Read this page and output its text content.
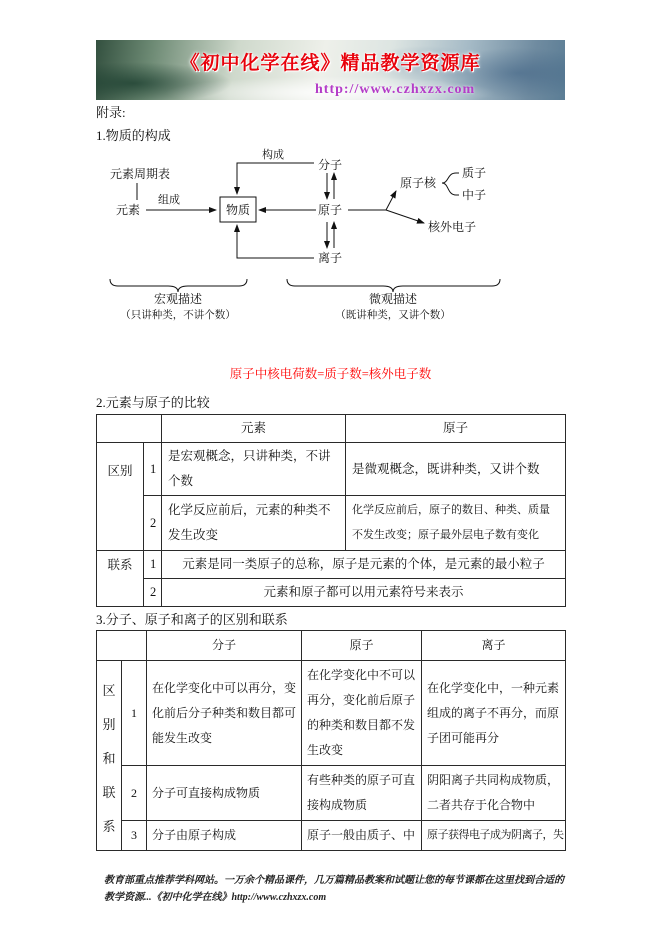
《初中化学在线》精品教学资源库
http://www.czhxzx.com
附录:
1.物质的构成
元素周期表
元素
组成
物质
构成
分子
原子
离子
原子核
质子
中子
核外电子
宏观描述
（只讲种类，不讲个数）
微观描述
（既讲种类，又讲个数）
原子中核电荷数=质子数=核外电子数
2.元素与原子的比较
		元素	原子
区别	1	是宏观概念，只讲种类，不讲个数	是微观概念，既讲种类，又讲个数
	2	化学反应前后，元素的种类不发生改变	化学反应前后，原子的数目、种类、质量不发生改变；原子最外层电子数有变化
联系	1	元素是同一类原子的总称，原子是元素的个体，是元素的最小粒子	
	2	元素和原子都可以用元素符号来表示	
3.分子、原子和离子的区别和联系
		分子	原子	离子

区别和联系	1	在化学变化中可以再分，变化前后分子种类和数目都可能发生改变	在化学变化中不可以再分，变化前后原子的种类和数目都不发生改变	在化学变化中，一种元素组成的离子不再分，而原子团可能再分
	2	分子可直接构成物质	有些种类的原子可直接构成物质	阴阳离子共同构成物质，二者共存于化合物中
	3	分子由原子构成	原子一般由质子、中	原子获得电子成为阴离子，失
教育部重点推荐学科网站。一万余个精品课件，几万篇精品教案和试题让您的每节课都在这里找到合适的教学资源...《初中化学在线》http://www.czhxzx.com
